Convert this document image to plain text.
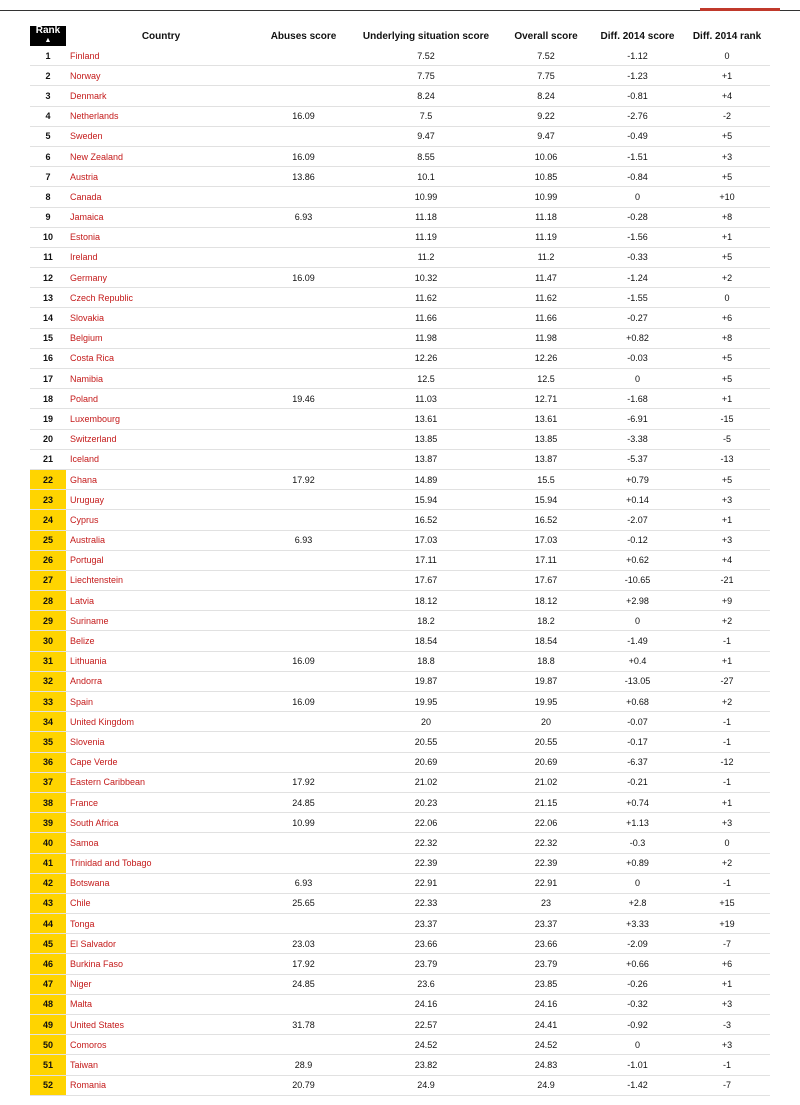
Rank
▲	Country	Abuses score	Underlying situation score	Overall score	Diff. 2014 score	Diff. 2014 rank
1	Finland		7.52	7.52	-1.12	0
2	Norway		7.75	7.75	-1.23	+1
3	Denmark		8.24	8.24	-0.81	+4
4	Netherlands	16.09	7.5	9.22	-2.76	-2
5	Sweden		9.47	9.47	-0.49	+5
6	New Zealand	16.09	8.55	10.06	-1.51	+3
7	Austria	13.86	10.1	10.85	-0.84	+5
8	Canada		10.99	10.99	0	+10
9	Jamaica	6.93	11.18	11.18	-0.28	+8
10	Estonia		11.19	11.19	-1.56	+1
11	Ireland		11.2	11.2	-0.33	+5
12	Germany	16.09	10.32	11.47	-1.24	+2
13	Czech Republic		11.62	11.62	-1.55	0
14	Slovakia		11.66	11.66	-0.27	+6
15	Belgium		11.98	11.98	+0.82	+8
16	Costa Rica		12.26	12.26	-0.03	+5
17	Namibia		12.5	12.5	0	+5
18	Poland	19.46	11.03	12.71	-1.68	+1
19	Luxembourg		13.61	13.61	-6.91	-15
20	Switzerland		13.85	13.85	-3.38	-5
21	Iceland		13.87	13.87	-5.37	-13
22	Ghana	17.92	14.89	15.5	+0.79	+5
23	Uruguay		15.94	15.94	+0.14	+3
24	Cyprus		16.52	16.52	-2.07	+1
25	Australia	6.93	17.03	17.03	-0.12	+3
26	Portugal		17.11	17.11	+0.62	+4
27	Liechtenstein		17.67	17.67	-10.65	-21
28	Latvia		18.12	18.12	+2.98	+9
29	Suriname		18.2	18.2	0	+2
30	Belize		18.54	18.54	-1.49	-1
31	Lithuania	16.09	18.8	18.8	+0.4	+1
32	Andorra		19.87	19.87	-13.05	-27
33	Spain	16.09	19.95	19.95	+0.68	+2
34	United Kingdom		20	20	-0.07	-1
35	Slovenia		20.55	20.55	-0.17	-1
36	Cape Verde		20.69	20.69	-6.37	-12
37	Eastern Caribbean	17.92	21.02	21.02	-0.21	-1
38	France	24.85	20.23	21.15	+0.74	+1
39	South Africa	10.99	22.06	22.06	+1.13	+3
40	Samoa		22.32	22.32	-0.3	0
41	Trinidad and Tobago		22.39	22.39	+0.89	+2
42	Botswana	6.93	22.91	22.91	0	-1
43	Chile	25.65	22.33	23	+2.8	+15
44	Tonga		23.37	23.37	+3.33	+19
45	El Salvador	23.03	23.66	23.66	-2.09	-7
46	Burkina Faso	17.92	23.79	23.79	+0.66	+6
47	Niger	24.85	23.6	23.85	-0.26	+1
48	Malta		24.16	24.16	-0.32	+3
49	United States	31.78	22.57	24.41	-0.92	-3
50	Comoros		24.52	24.52	0	+3
51	Taiwan	28.9	23.82	24.83	-1.01	-1
52	Romania	20.79	24.9	24.9	-1.42	-7
